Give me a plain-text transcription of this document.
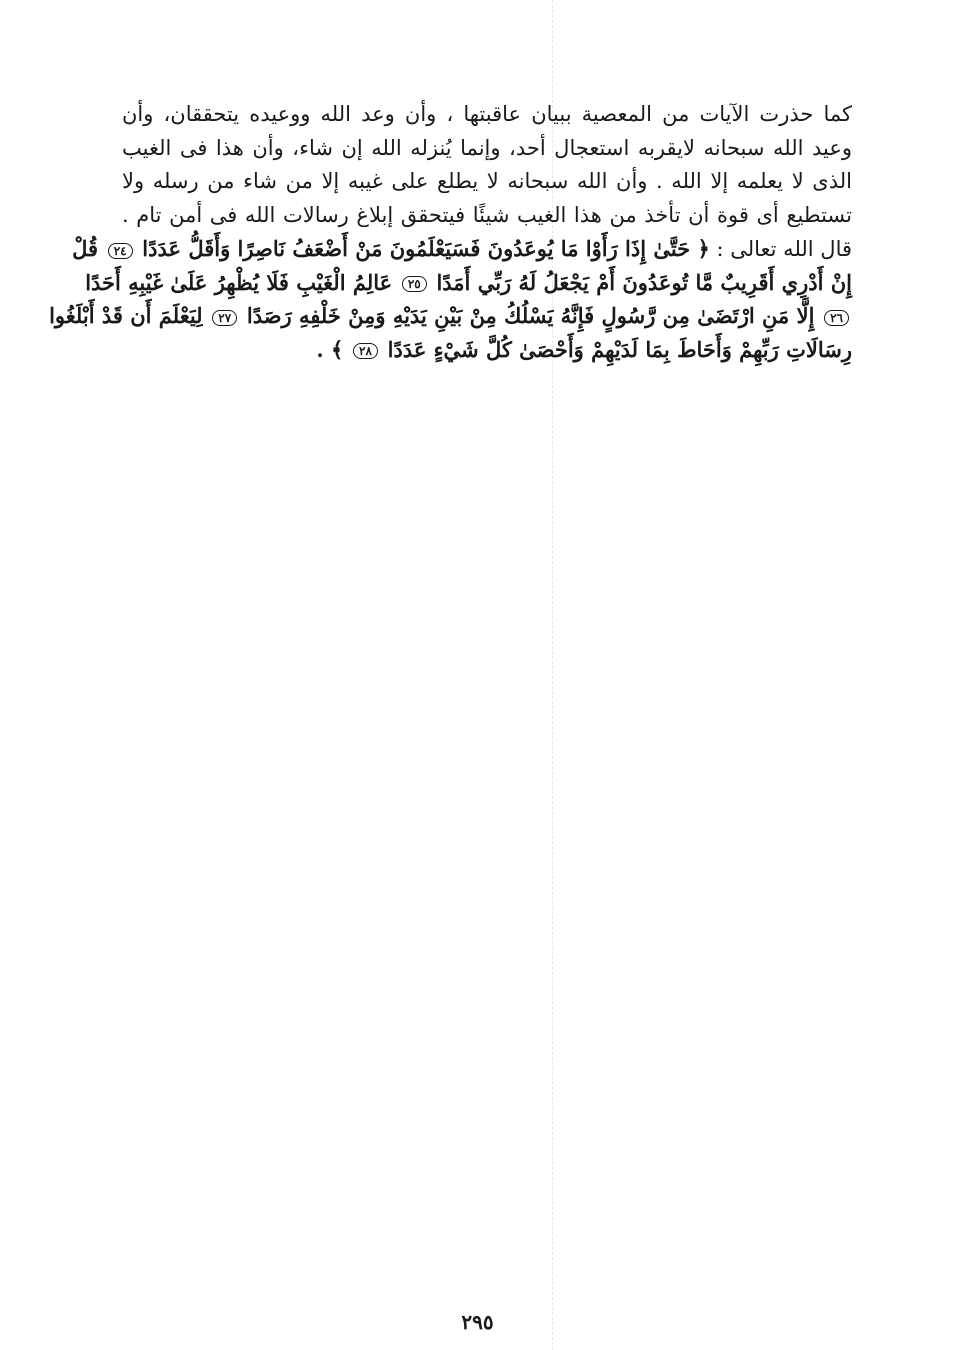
كما حذرت الآيات من المعصية ببيان عاقبتها ، وأن وعد الله ووعيده يتحققان، وأن
وعيد الله سبحانه لايقربه استعجال أحد، وإنما يُنزله الله إن شاء، وأن هذا فى الغيب
الذى لا يعلمه إلا الله . وأن الله سبحانه لا يطلع على غيبه إلا من شاء من رسله ولا
تستطيع أى قوة أن تأخذ من هذا الغيب شيئًا فيتحقق إبلاغ رسالات الله فى أمن تام .
قال الله تعالى : ﴿ حَتَّىٰ إِذَا رَأَوْا مَا يُوعَدُونَ فَسَيَعْلَمُونَ مَنْ أَضْعَفُ نَاصِرًا وَأَقَلُّ عَدَدًا ٢٤ قُلْ
إِنْ أَدْرِي أَقَرِيبٌ مَّا تُوعَدُونَ أَمْ يَجْعَلُ لَهُ رَبِّي أَمَدًا ٢٥ عَالِمُ الْغَيْبِ فَلَا يُظْهِرُ عَلَىٰ غَيْبِهِ أَحَدًا
٢٦ إِلَّا مَنِ ارْتَضَىٰ مِن رَّسُولٍ فَإِنَّهُ يَسْلُكُ مِنْ بَيْنِ يَدَيْهِ وَمِنْ خَلْفِهِ رَصَدًا ٢٧ لِيَعْلَمَ أَن قَدْ أَبْلَغُوا
رِسَالَاتِ رَبِّهِمْ وَأَحَاطَ بِمَا لَدَيْهِمْ وَأَحْصَىٰ كُلَّ شَيْءٍ عَدَدًا ٢٨ ﴾ .
٢٩٥
